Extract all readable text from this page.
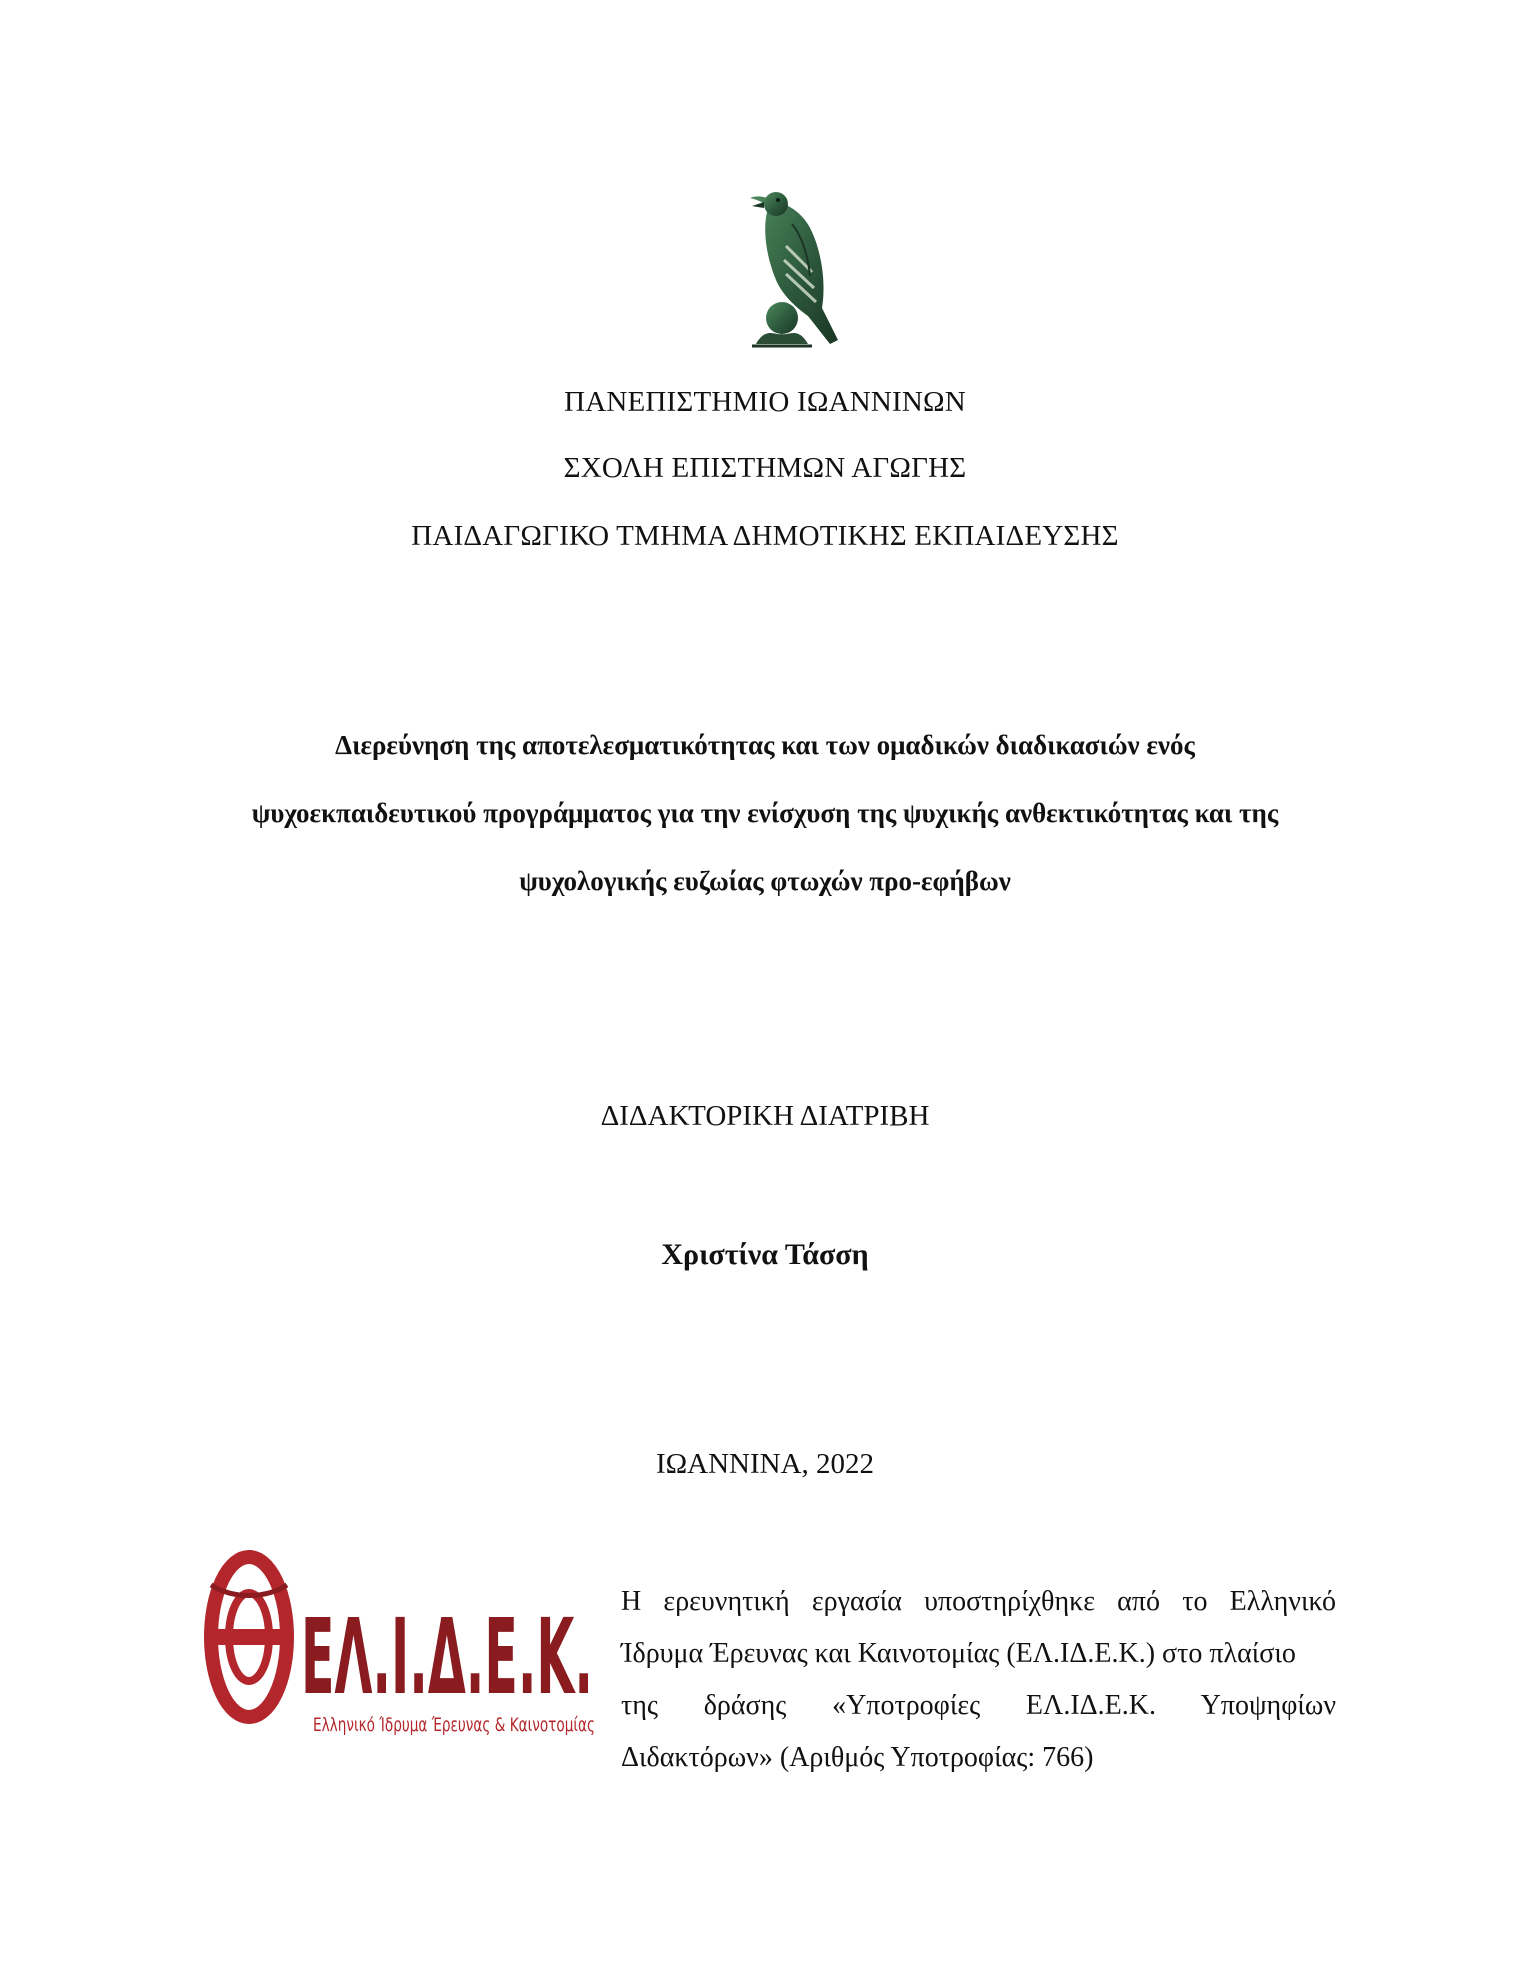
ΠΑΝΕΠΙΣΤΗΜΙΟ ΙΩΑΝΝΙΝΩΝ
ΣΧΟΛΗ ΕΠΙΣΤΗΜΩΝ ΑΓΩΓΗΣ
ΠΑΙΔΑΓΩΓΙΚΟ ΤΜΗΜΑ ΔΗΜΟΤΙΚΗΣ ΕΚΠΑΙΔΕΥΣΗΣ
Διερεύνηση της αποτελεσματικότητας και των ομαδικών διαδικασιών ενός
ψυχοεκπαιδευτικού προγράμματος για την ενίσχυση της ψυχικής ανθεκτικότητας και της
ψυχολογικής ευζωίας φτωχών προ-εφήβων
ΔΙΔΑΚΤΟΡΙΚΗ ΔΙΑΤΡΙΒΗ
Χριστίνα Τάσση
ΙΩΑΝΝΙΝΑ, 2022
ΕΛ.Ι.Δ.Ε.Κ.
Ελληνικό Ίδρυμα Έρευνας & Καινοτομίας
Η ερευνητική εργασία υποστηρίχθηκε από το Ελληνικό
Ίδρυμα Έρευνας και Καινοτομίας (ΕΛ.ΙΔ.Ε.Κ.) στο πλαίσιο
της δράσης «Υποτροφίες ΕΛ.ΙΔ.Ε.Κ. Υποψηφίων
Διδακτόρων» (Αριθμός Υποτροφίας: 766)
